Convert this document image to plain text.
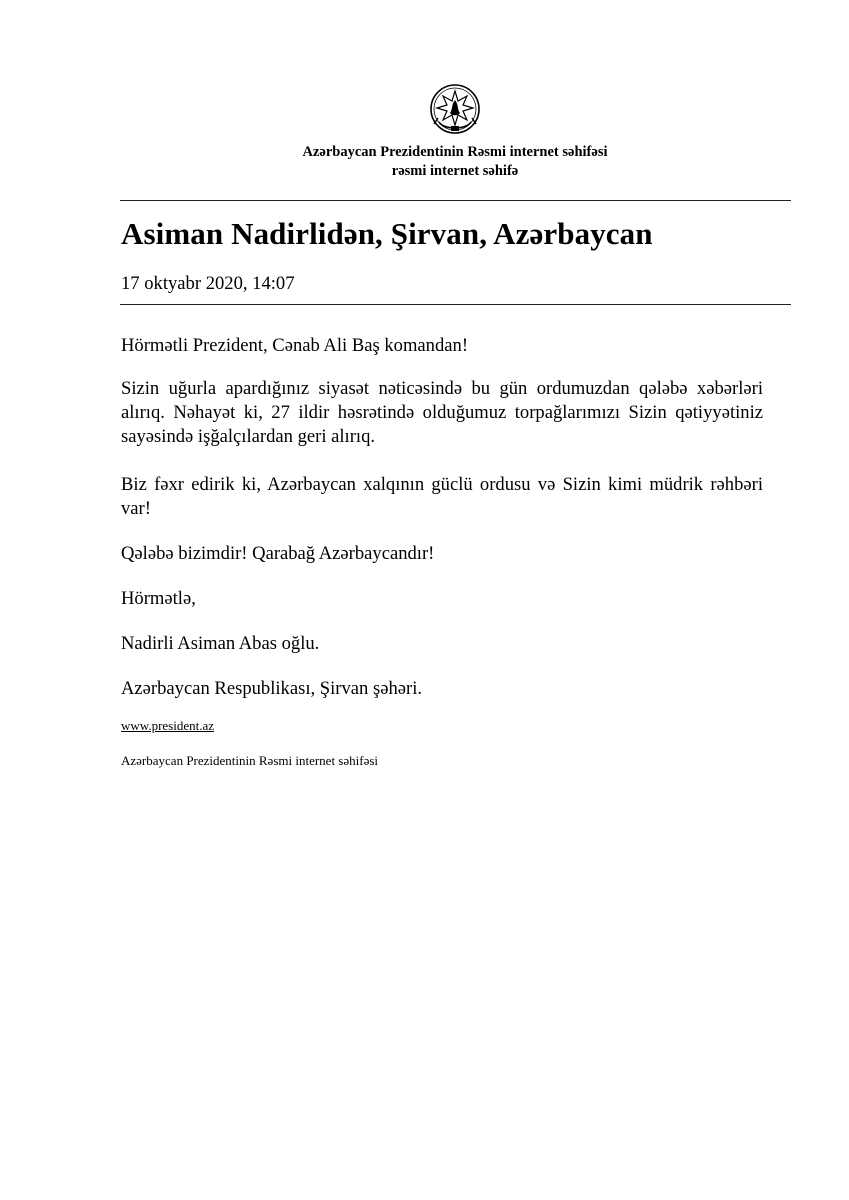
Azərbaycan Prezidentinin Rəsmi internet səhifəsi
rəsmi internet səhifə
Asiman Nadirlidən, Şirvan, Azərbaycan
17 oktyabr 2020, 14:07

Hörmətli Prezident, Cənab Ali Baş komandan!

Sizin uğurla apardığınız siyasət nəticəsində bu gün ordumuzdan qələbə xəbərləri alırıq. Nəhayət ki, 27 ildir həsrətində olduğumuz torpağlarımızı Sizin qətiyyətiniz sayəsində işğalçılardan geri alırıq.

Biz fəxr edirik ki, Azərbaycan xalqının güclü ordusu və Sizin kimi müdrik rəhbəri var!

Qələbə bizimdir! Qarabağ Azərbaycandır!

Hörmətlə,

Nadirli Asiman Abas oğlu.

Azərbaycan Respublikası, Şirvan şəhəri.

www.president.az
Azərbaycan Prezidentinin Rəsmi internet səhifəsi
